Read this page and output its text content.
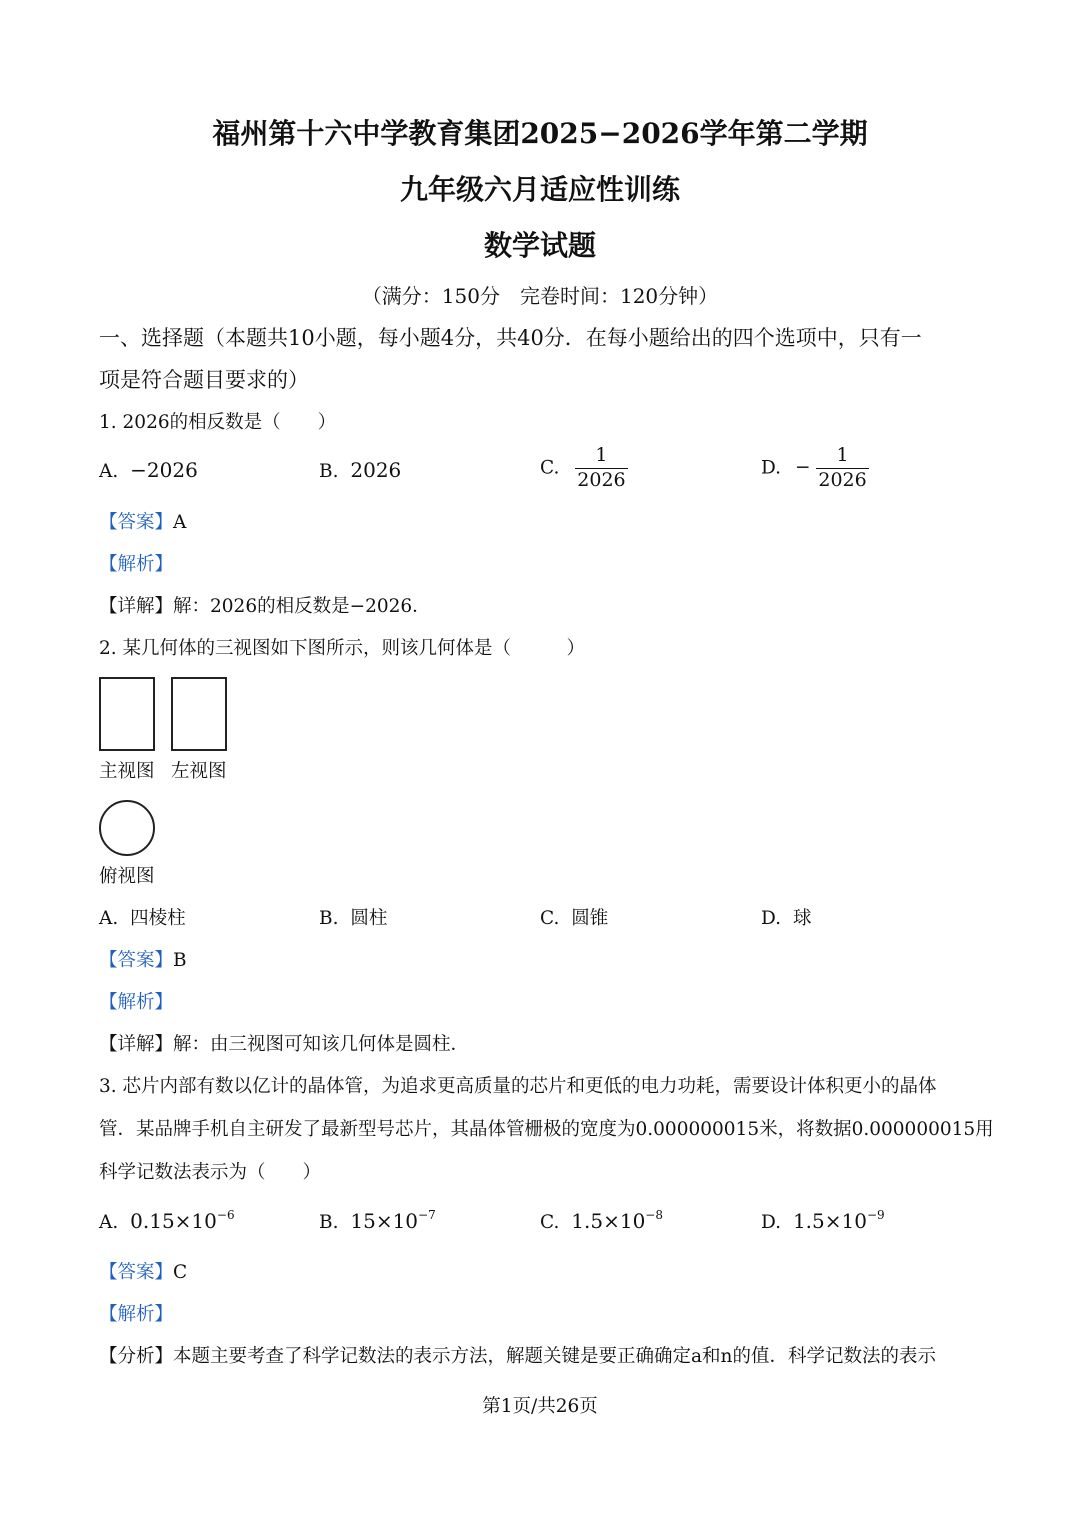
福州第十六中学教育集团2025−2026学年第二学期
九年级六月适应性训练
数学试题
（满分：150分　完卷时间：120分钟）
一、选择题（本题共10小题，每小题4分，共40分．在每小题给出的四个选项中，只有一
项是符合题目要求的）
1. 2026的相反数是（　　）
A. −2026	B. 2026	C. $\frac{1}{2026}$	D. − $\frac{1}{2026}$
【答案】A
【解析】
【详解】解：2026的相反数是−2026．
2. 某几何体的三视图如下图所示，则该几何体是（　　　）
主视图 左视图
俯视图
A. 四棱柱	B. 圆柱	C. 圆锥	D. 球
【答案】B
【解析】
【详解】解：由三视图可知该几何体是圆柱．
3. 芯片内部有数以亿计的晶体管，为追求更高质量的芯片和更低的电力功耗，需要设计体积更小的晶体
管．某品牌手机自主研发了最新型号芯片，其晶体管栅极的宽度为0.000000015米，将数据0.000000015用
科学记数法表示为（　　）
A. $0.15\times 10^{-6}$	B. $15\times 10^{-7}$	C. $1.5\times 10^{-8}$	D. $1.5\times 10^{-9}$
【答案】C
【解析】
【分析】本题主要考查了科学记数法的表示方法，解题关键是要正确确定a和n的值．科学记数法的表示
第1页/共26页
